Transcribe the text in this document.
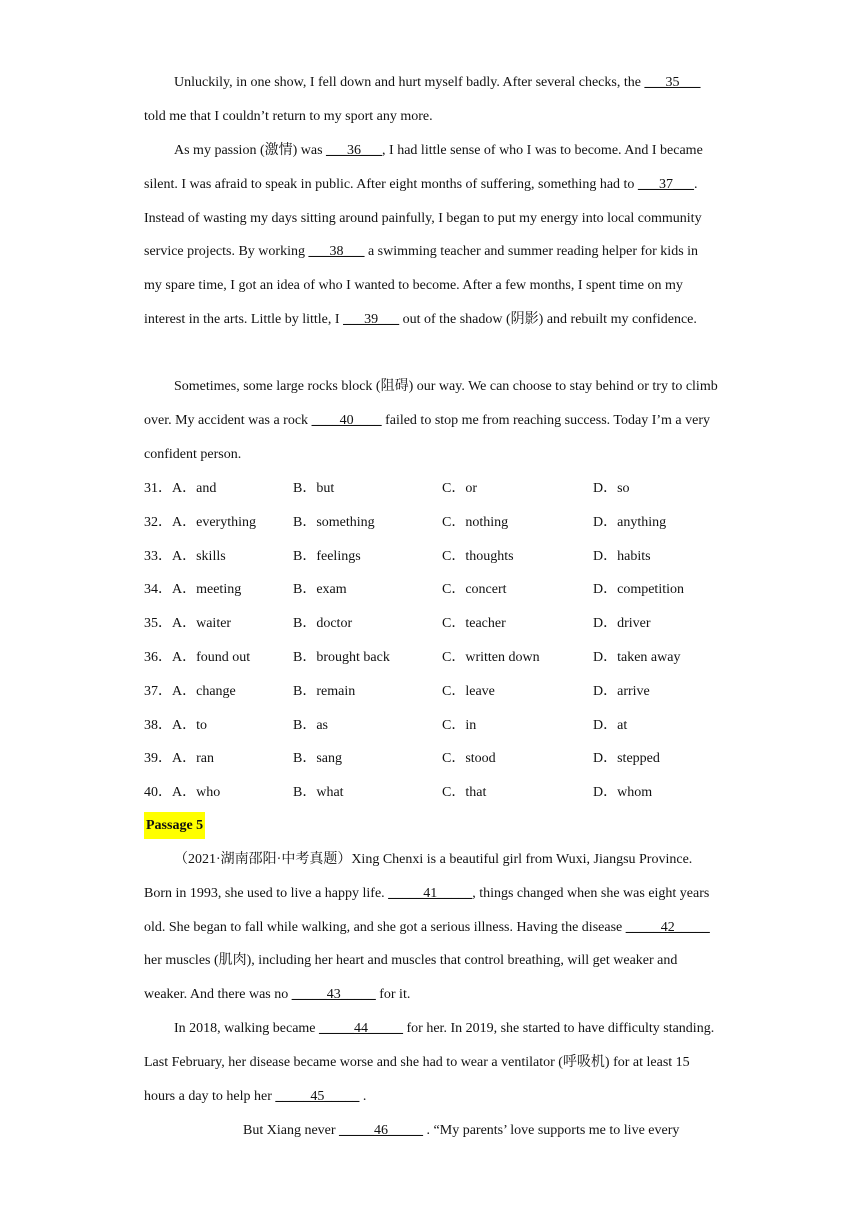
Unluckily, in one show, I fell down and hurt myself badly. After several checks, the ___35___ told me that I couldn’t return to my sport any more.

As my passion (激情) was ___36___, I had little sense of who I was to become. And I became silent. I was afraid to speak in public. After eight months of suffering, something had to ___37___. Instead of wasting my days sitting around painfully, I began to put my energy into local community service projects. By working ___38___ a swimming teacher and summer reading helper for kids in my spare time, I got an idea of who I wanted to become. After a few months, I spent time on my interest in the arts. Little by little, I ___39___ out of the shadow (阴影) and rebuilt my confidence.

Sometimes, some large rocks block (阻碍) our way. We can choose to stay behind or try to climb over. My accident was a rock ____40____ failed to stop me from reaching success. Today I’m a very confident person.

31．A．and	B．but	C．or	D．so
32．A．everything	B．something	C．nothing	D．anything
33．A．skills	B．feelings	C．thoughts	D．habits
34．A．meeting	B．exam	C．concert	D．competition
35．A．waiter	B．doctor	C．teacher	D．driver
36．A．found out	B．brought back	C．written down	D．taken away
37．A．change	B．remain	C．leave	D．arrive
38．A．to	B．as	C．in	D．at
39．A．ran	B．sang	C．stood	D．stepped
40．A．who	B．what	C．that	D．whom
Passage 5

（2021·湖南邵阳·中考真题）Xing Chenxi is a beautiful girl from Wuxi, Jiangsu Province. Born in 1993, she used to live a happy life. _____41_____, things changed when she was eight years old. She began to fall while walking, and she got a serious illness. Having the disease _____42_____ her muscles (肌肉), including her heart and muscles that control breathing, will get weaker and weaker. And there was no _____43_____ for it.

In 2018, walking became _____44_____ for her. In 2019, she started to have difficulty standing. Last February, her disease became worse and she had to wear a ventilator (呼吸机) for at least 15 hours a day to help her _____45_____ .

But Xiang never _____46_____ . “My parents’ love supports me to live every
